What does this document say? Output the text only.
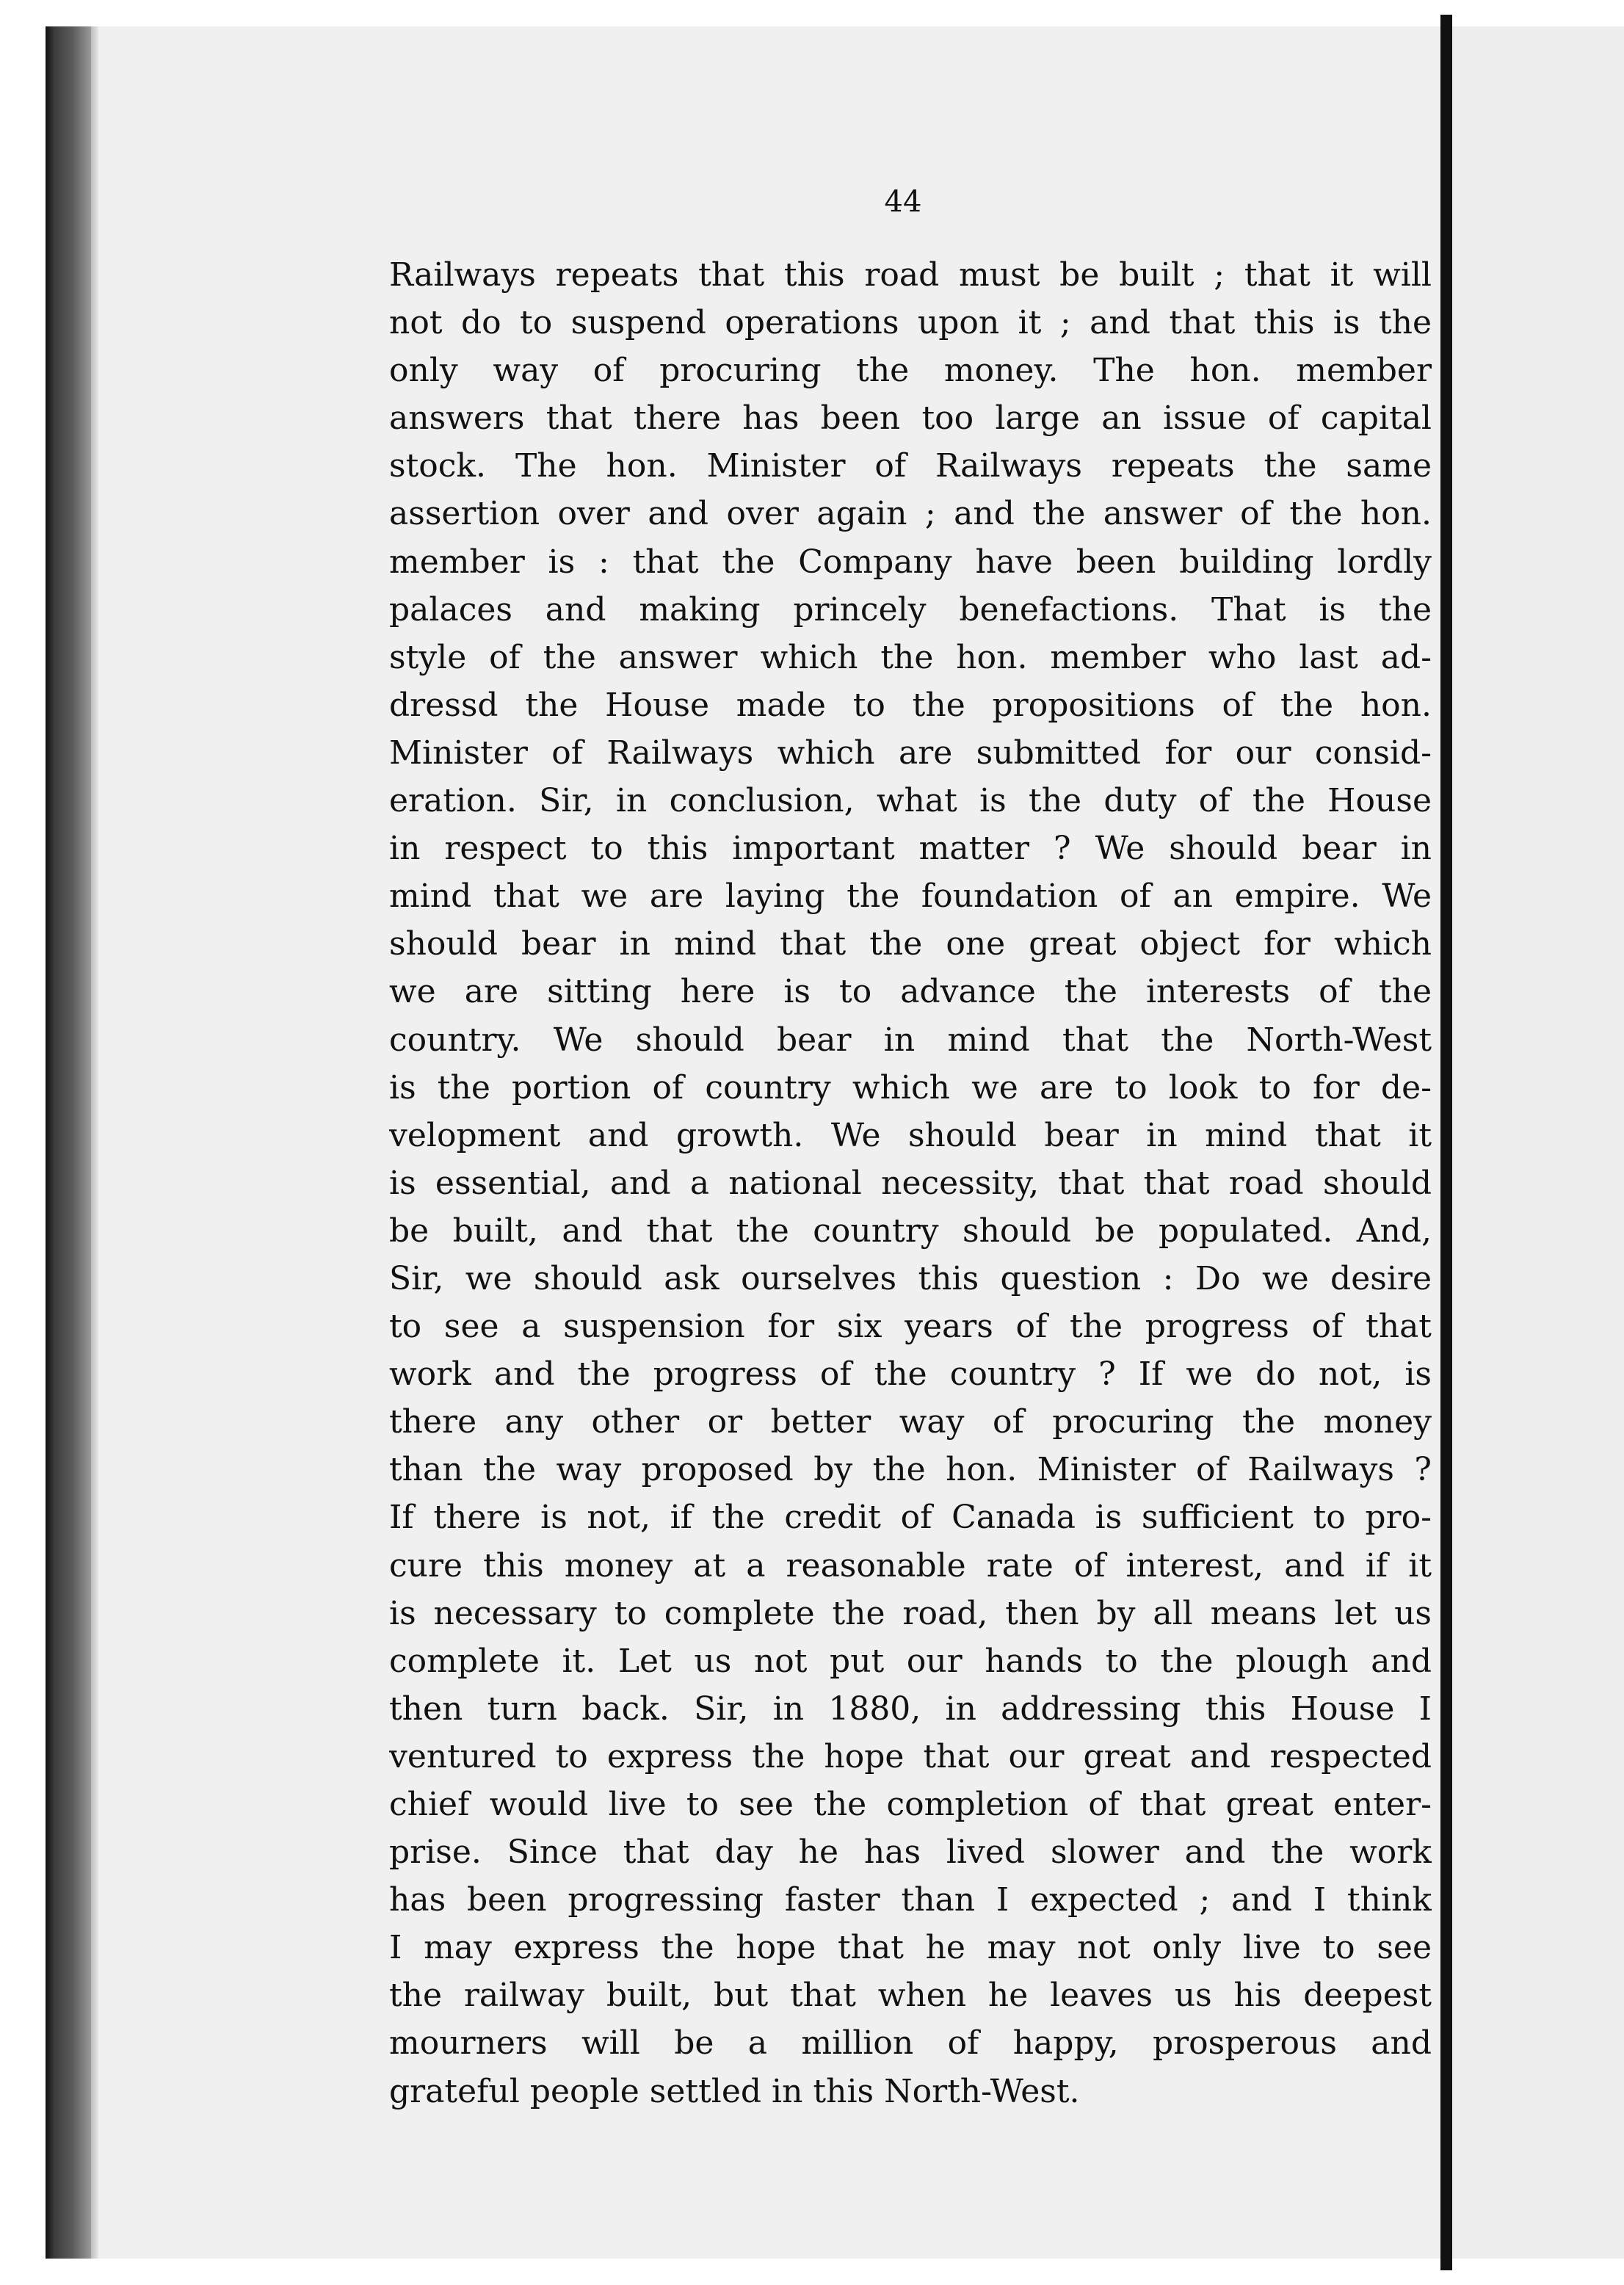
44
Railways repeats that this road must be built ; that it will
not do to suspend operations upon it ; and that this is the
only way of procuring the money. The hon. member
answers that there has been too large an issue of capital
stock. The hon. Minister of Railways repeats the same
assertion over and over again ; and the answer of the hon.
member is : that the Company have been building lordly
palaces and making princely benefactions. That is the
style of the answer which the hon. member who last ad-
dressd the House made to the propositions of the hon.
Minister of Railways which are submitted for our consid-
eration. Sir, in conclusion, what is the duty of the House
in respect to this important matter ? We should bear in
mind that we are laying the foundation of an empire. We
should bear in mind that the one great object for which
we are sitting here is to advance the interests of the
country. We should bear in mind that the North-West
is the portion of country which we are to look to for de-
velopment and growth. We should bear in mind that it
is essential, and a national necessity, that that road should
be built, and that the country should be populated. And,
Sir, we should ask ourselves this question : Do we desire
to see a suspension for six years of the progress of that
work and the progress of the country ? If we do not, is
there any other or better way of procuring the money
than the way proposed by the hon. Minister of Railways ?
If there is not, if the credit of Canada is sufficient to pro-
cure this money at a reasonable rate of interest, and if it
is necessary to complete the road, then by all means let us
complete it. Let us not put our hands to the plough and
then turn back. Sir, in 1880, in addressing this House I
ventured to express the hope that our great and respected
chief would live to see the completion of that great enter-
prise. Since that day he has lived slower and the work
has been progressing faster than I expected ; and I think
I may express the hope that he may not only live to see
the railway built, but that when he leaves us his deepest
mourners will be a million of happy, prosperous and
grateful people settled in this North-West.
